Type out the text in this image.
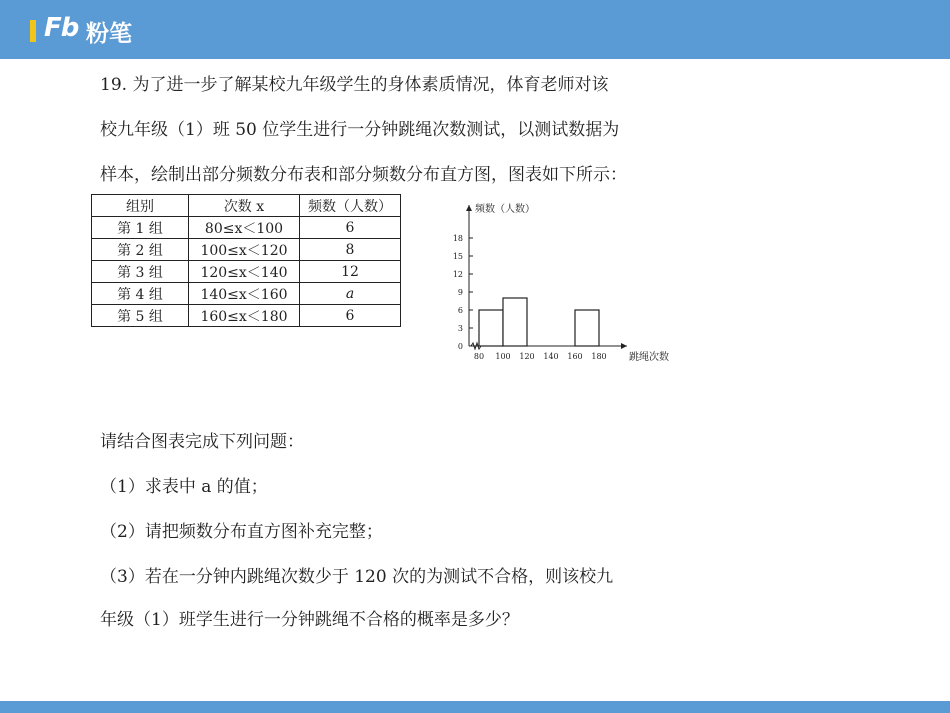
Fb 粉笔
19. 为了进一步了解某校九年级学生的身体素质情况，体育老师对该
校九年级（1）班 50 位学生进行一分钟跳绳次数测试，以测试数据为
样本，绘制出部分频数分布表和部分频数分布直方图，图表如下所示：
组别	次数 x	频数（人数）
第 1 组	80≤x＜100	6
第 2 组	100≤x＜120	8
第 3 组	120≤x＜140	12
第 4 组	140≤x＜160	a
第 5 组	160≤x＜180	6
0
3
6
9
12
15
18
80 100 120 140 160 180
频数（人数）
跳绳次数
请结合图表完成下列问题：
（1）求表中 a 的值；
（2）请把频数分布直方图补充完整；
（3）若在一分钟内跳绳次数少于 120 次的为测试不合格，则该校九
年级（1）班学生进行一分钟跳绳不合格的概率是多少？
